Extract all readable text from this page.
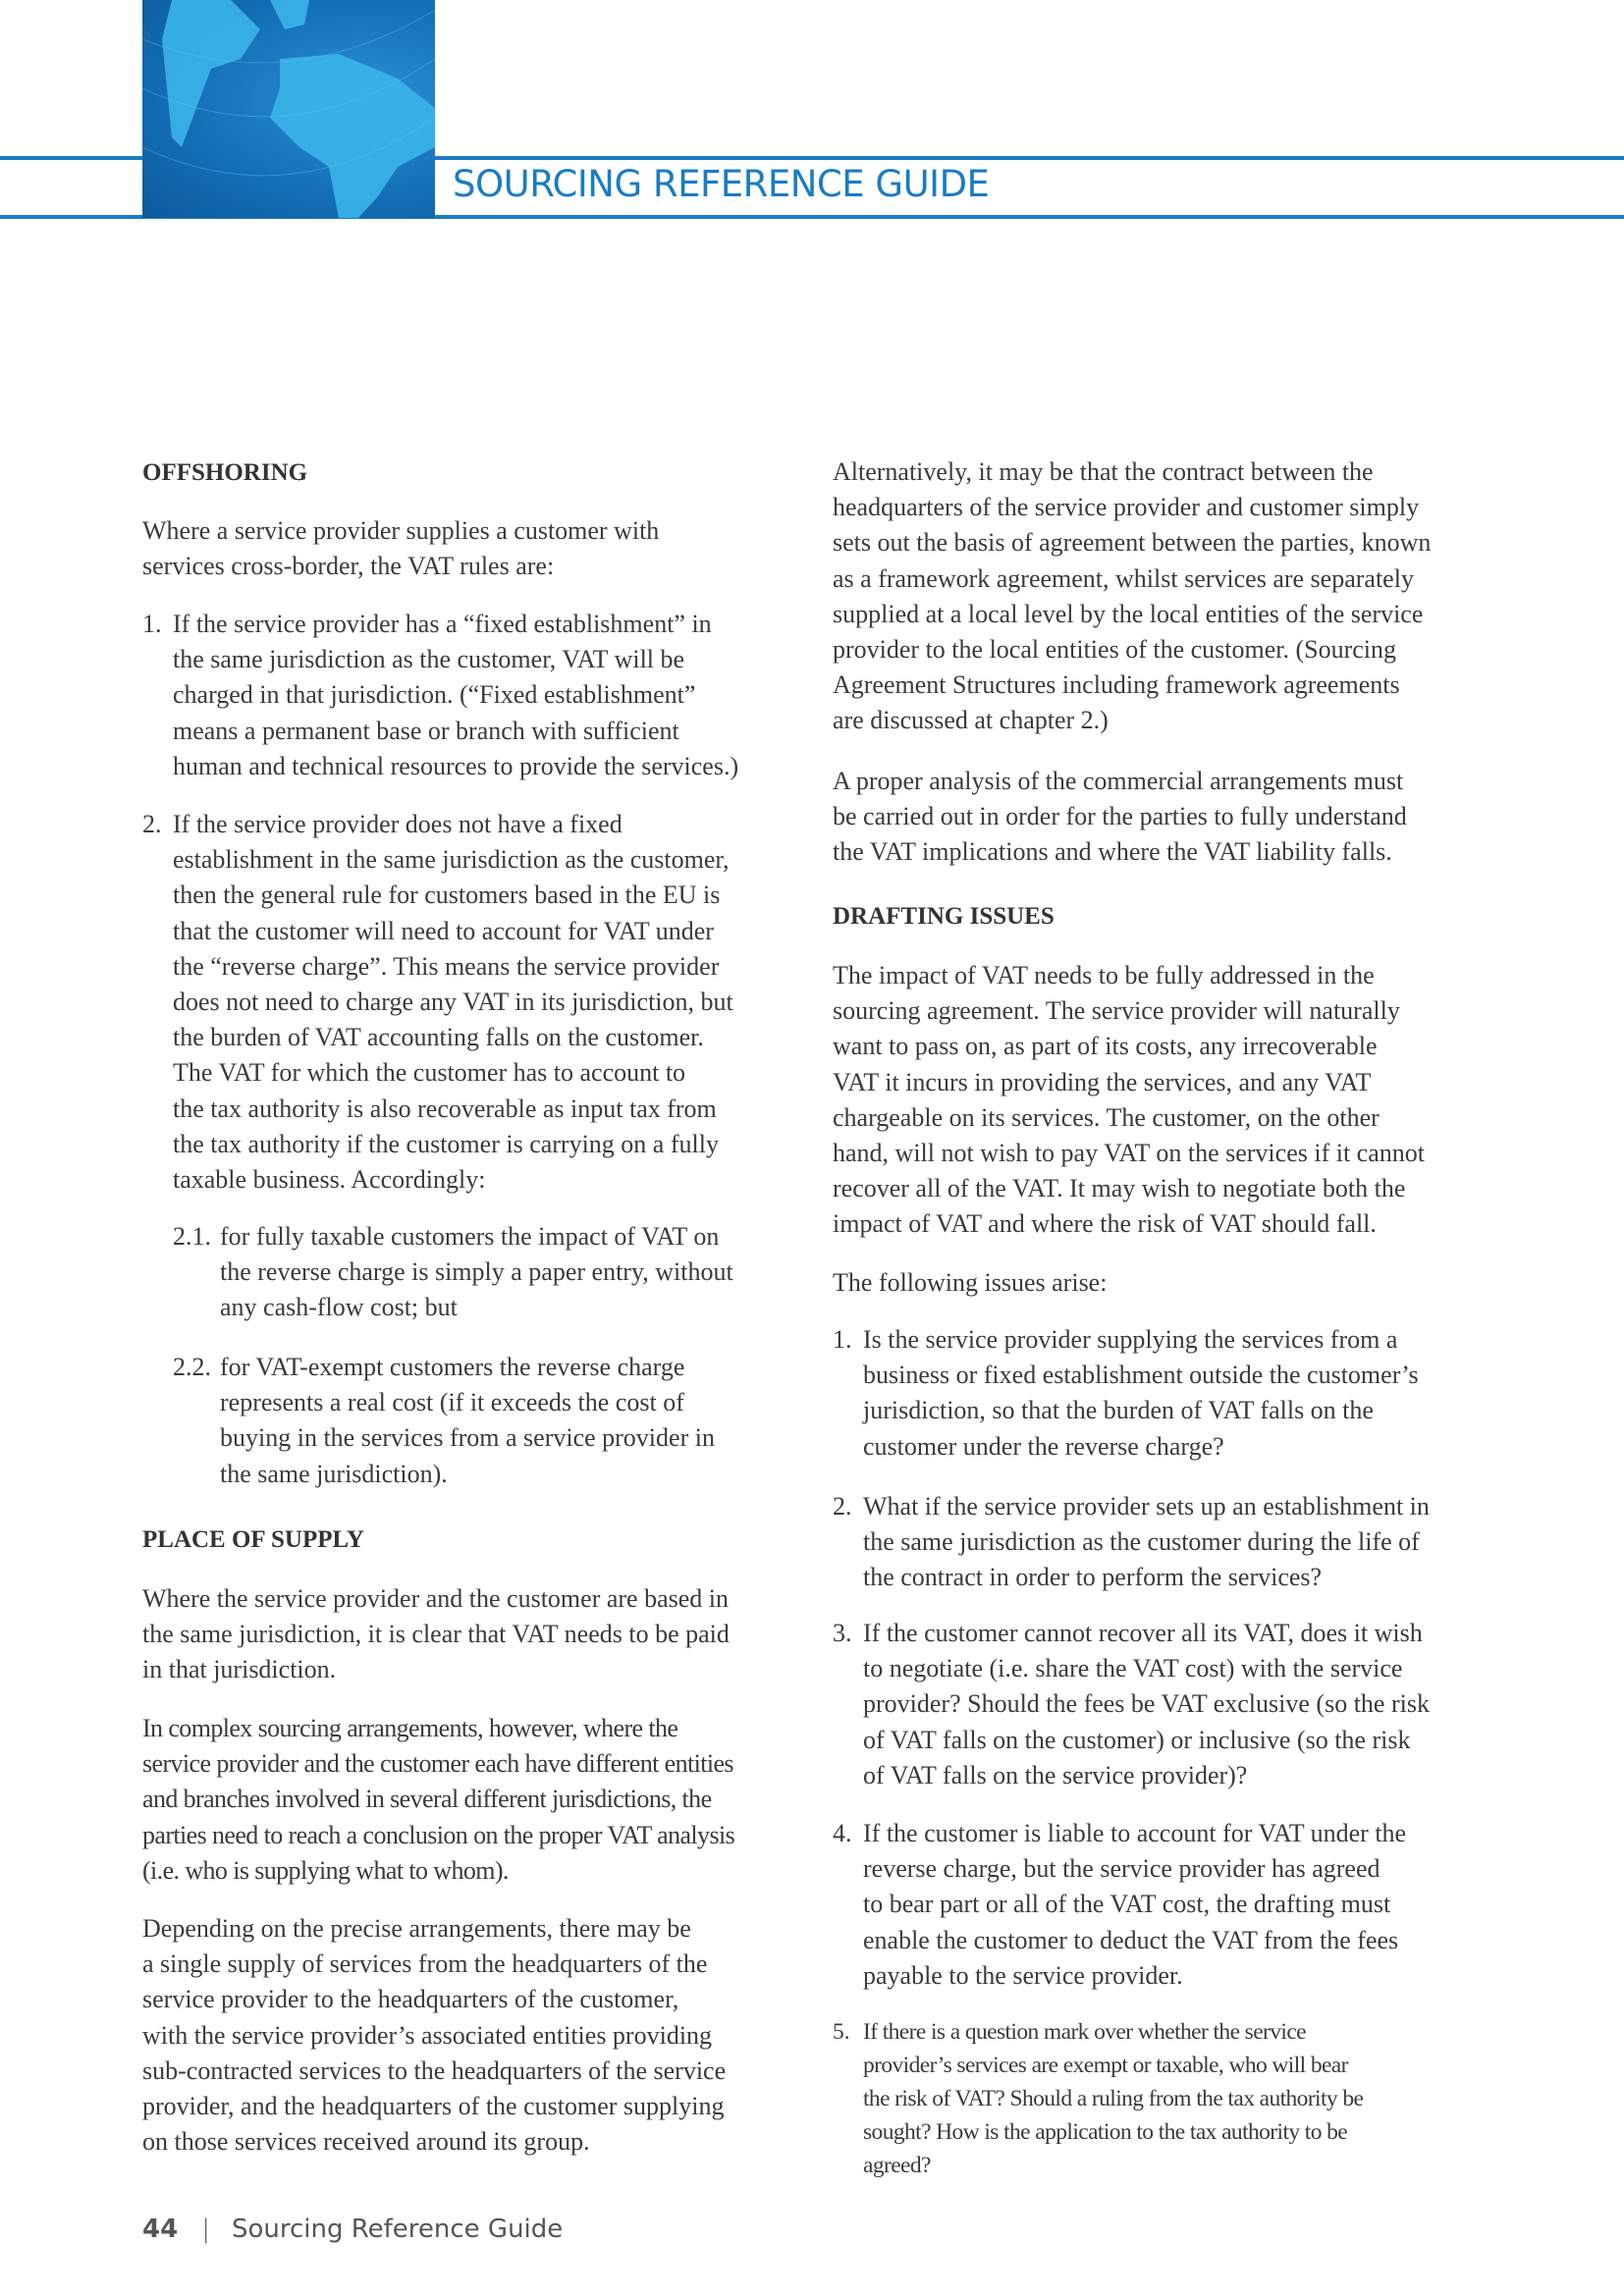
SOURCING REFERENCE GUIDE
OFFSHORING

Where a service provider supplies a customer with
services cross-border, the VAT rules are:

1. If the service provider has a “fixed establishment” in
the same jurisdiction as the customer, VAT will be
charged in that jurisdiction. (“Fixed establishment”
means a permanent base or branch with sufficient
human and technical resources to provide the services.)

2. If the service provider does not have a fixed
establishment in the same jurisdiction as the customer,
then the general rule for customers based in the EU is
that the customer will need to account for VAT under
the “reverse charge”. This means the service provider
does not need to charge any VAT in its jurisdiction, but
the burden of VAT accounting falls on the customer.
The VAT for which the customer has to account to
the tax authority is also recoverable as input tax from
the tax authority if the customer is carrying on a fully
taxable business. Accordingly:

2.1. for fully taxable customers the impact of VAT on
the reverse charge is simply a paper entry, without
any cash-flow cost; but

2.2. for VAT-exempt customers the reverse charge
represents a real cost (if it exceeds the cost of
buying in the services from a service provider in
the same jurisdiction).

PLACE OF SUPPLY

Where the service provider and the customer are based in
the same jurisdiction, it is clear that VAT needs to be paid
in that jurisdiction.

In complex sourcing arrangements, however, where the
service provider and the customer each have different entities
and branches involved in several different jurisdictions, the
parties need to reach a conclusion on the proper VAT analysis
(i.e. who is supplying what to whom).

Depending on the precise arrangements, there may be
a single supply of services from the headquarters of the
service provider to the headquarters of the customer,
with the service provider’s associated entities providing
sub-contracted services to the headquarters of the service
provider, and the headquarters of the customer supplying
on those services received around its group.

Alternatively, it may be that the contract between the
headquarters of the service provider and customer simply
sets out the basis of agreement between the parties, known
as a framework agreement, whilst services are separately
supplied at a local level by the local entities of the service
provider to the local entities of the customer. (Sourcing
Agreement Structures including framework agreements
are discussed at chapter 2.)

A proper analysis of the commercial arrangements must
be carried out in order for the parties to fully understand
the VAT implications and where the VAT liability falls.

DRAFTING ISSUES

The impact of VAT needs to be fully addressed in the
sourcing agreement. The service provider will naturally
want to pass on, as part of its costs, any irrecoverable
VAT it incurs in providing the services, and any VAT
chargeable on its services. The customer, on the other
hand, will not wish to pay VAT on the services if it cannot
recover all of the VAT. It may wish to negotiate both the
impact of VAT and where the risk of VAT should fall.

The following issues arise:

1. Is the service provider supplying the services from a
business or fixed establishment outside the customer’s
jurisdiction, so that the burden of VAT falls on the
customer under the reverse charge?

2. What if the service provider sets up an establishment in
the same jurisdiction as the customer during the life of
the contract in order to perform the services?

3. If the customer cannot recover all its VAT, does it wish
to negotiate (i.e. share the VAT cost) with the service
provider? Should the fees be VAT exclusive (so the risk
of VAT falls on the customer) or inclusive (so the risk
of VAT falls on the service provider)?

4. If the customer is liable to account for VAT under the
reverse charge, but the service provider has agreed
to bear part or all of the VAT cost, the drafting must
enable the customer to deduct the VAT from the fees
payable to the service provider.

5. If there is a question mark over whether the service
provider’s services are exempt or taxable, who will bear
the risk of VAT? Should a ruling from the tax authority be
sought? How is the application to the tax authority to be
agreed?

44 | Sourcing Reference Guide
